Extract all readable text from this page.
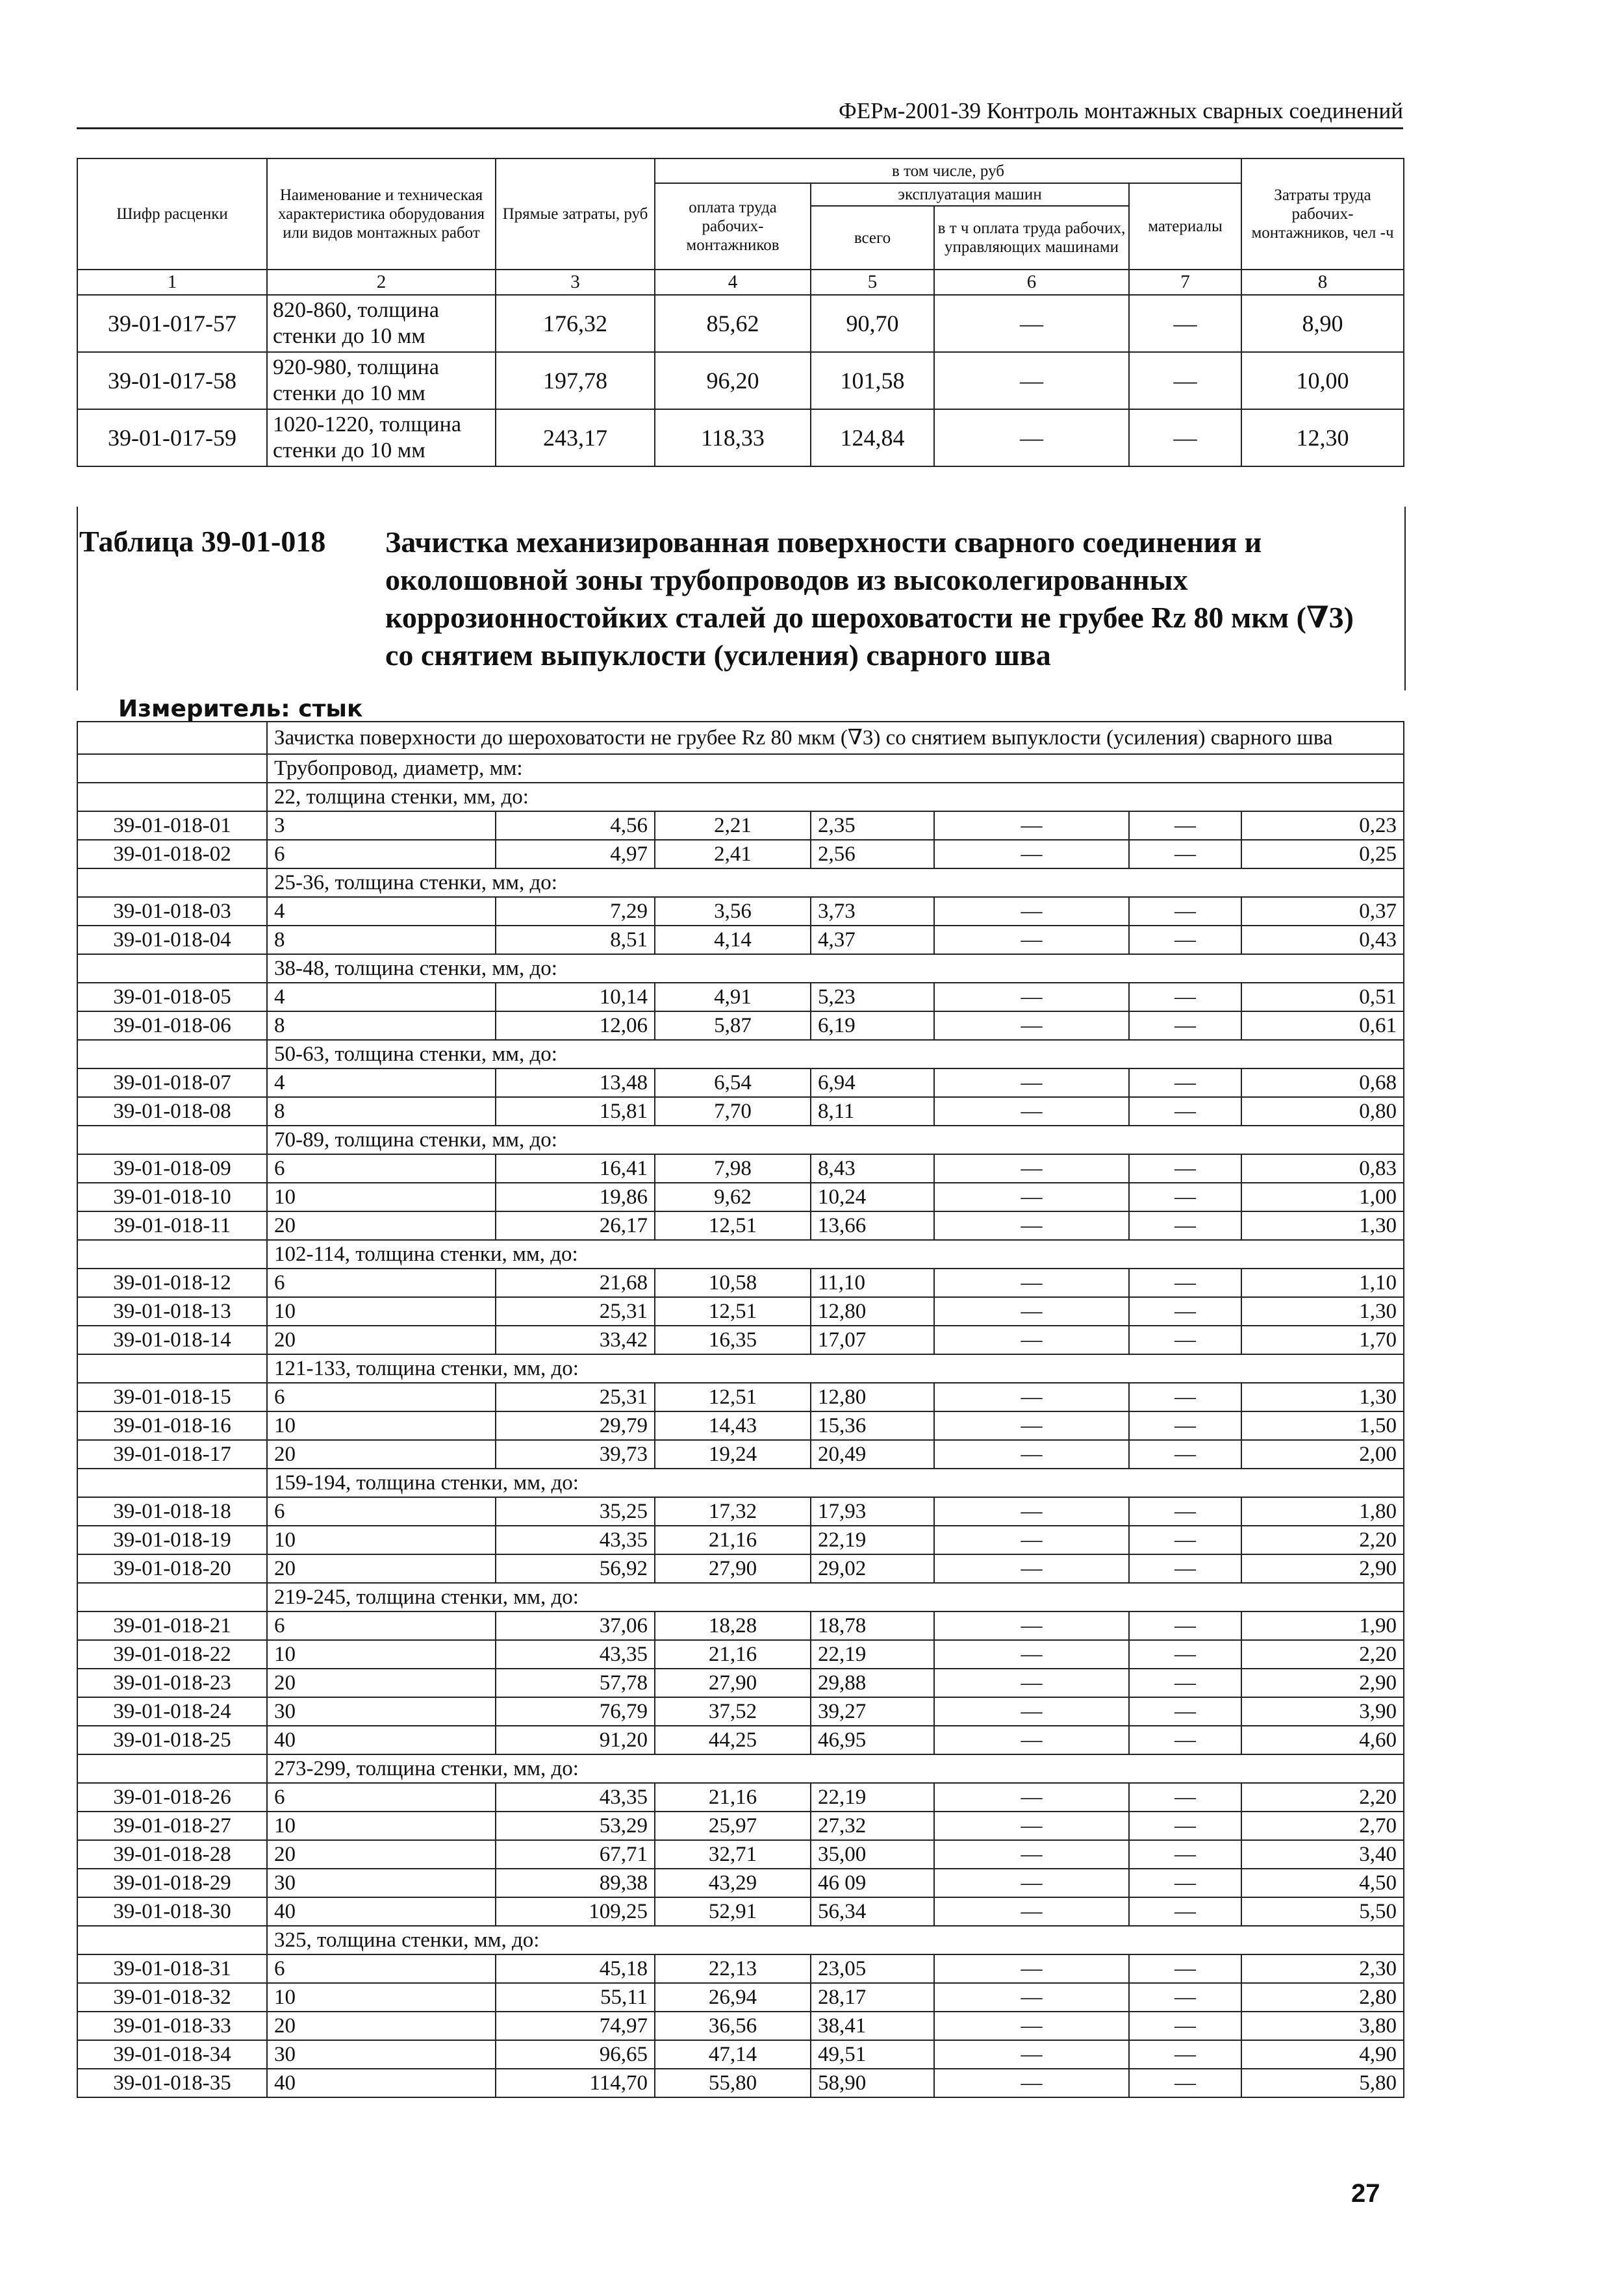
ФЕРм-2001-39 Контроль монтажных сварных соединений
Шифр расценки	Наименование и техническая характеристика оборудования или видов монтажных работ	Прямые затраты, руб	в том числе, руб				Затраты труда рабочих-монтажников, чел -ч
			оплата труда рабочих-монтажников	эксплуатация машин		материалы	
				всего	в т ч оплата труда рабочих, управляющих машинами		
1	2	3	4	5	6	7	8
39-01-017-57	820-860, толщина стенки до 10 мм	176,32	85,62	90,70	—	—	8,90
39-01-017-58	920-980, толщина стенки до 10 мм	197,78	96,20	101,58	—	—	10,00
39-01-017-59	1020-1220, толщина стенки до 10 мм	243,17	118,33	124,84	—	—	12,30
Таблица 39-01-018 Зачистка механизированная поверхности сварного соединения и околошовной зоны трубопроводов из высоколегированных коррозионностойких сталей до шероховатости не грубее Rz 80 мкм (∇3) со снятием выпуклости (усиления) сварного шва
Измеритель: стык
	Зачистка поверхности до шероховатости не грубее Rz 80 мкм (∇3) со снятием выпуклости (усиления) сварного шва						
	Трубопровод, диаметр, мм:						
	22, толщина стенки, мм, до:						
39-01-018-01	3	4,56	2,21	2,35	—	—	0,23
39-01-018-02	6	4,97	2,41	2,56	—	—	0,25
	25-36, толщина стенки, мм, до:						
39-01-018-03	4	7,29	3,56	3,73	—	—	0,37
39-01-018-04	8	8,51	4,14	4,37	—	—	0,43
	38-48, толщина стенки, мм, до:						
39-01-018-05	4	10,14	4,91	5,23	—	—	0,51
39-01-018-06	8	12,06	5,87	6,19	—	—	0,61
	50-63, толщина стенки, мм, до:						
39-01-018-07	4	13,48	6,54	6,94	—	—	0,68
39-01-018-08	8	15,81	7,70	8,11	—	—	0,80
	70-89, толщина стенки, мм, до:						
39-01-018-09	6	16,41	7,98	8,43	—	—	0,83
39-01-018-10	10	19,86	9,62	10,24	—	—	1,00
39-01-018-11	20	26,17	12,51	13,66	—	—	1,30
	102-114, толщина стенки, мм, до:						
39-01-018-12	6	21,68	10,58	11,10	—	—	1,10
39-01-018-13	10	25,31	12,51	12,80	—	—	1,30
39-01-018-14	20	33,42	16,35	17,07	—	—	1,70
	121-133, толщина стенки, мм, до:						
39-01-018-15	6	25,31	12,51	12,80	—	—	1,30
39-01-018-16	10	29,79	14,43	15,36	—	—	1,50
39-01-018-17	20	39,73	19,24	20,49	—	—	2,00
	159-194, толщина стенки, мм, до:						
39-01-018-18	6	35,25	17,32	17,93	—	—	1,80
39-01-018-19	10	43,35	21,16	22,19	—	—	2,20
39-01-018-20	20	56,92	27,90	29,02	—	—	2,90
	219-245, толщина стенки, мм, до:						
39-01-018-21	6	37,06	18,28	18,78	—	—	1,90
39-01-018-22	10	43,35	21,16	22,19	—	—	2,20
39-01-018-23	20	57,78	27,90	29,88	—	—	2,90
39-01-018-24	30	76,79	37,52	39,27	—	—	3,90
39-01-018-25	40	91,20	44,25	46,95	—	—	4,60
	273-299, толщина стенки, мм, до:						
39-01-018-26	6	43,35	21,16	22,19	—	—	2,20
39-01-018-27	10	53,29	25,97	27,32	—	—	2,70
39-01-018-28	20	67,71	32,71	35,00	—	—	3,40
39-01-018-29	30	89,38	43,29	46 09	—	—	4,50
39-01-018-30	40	109,25	52,91	56,34	—	—	5,50
	325, толщина стенки, мм, до:						
39-01-018-31	6	45,18	22,13	23,05	—	—	2,30
39-01-018-32	10	55,11	26,94	28,17	—	—	2,80
39-01-018-33	20	74,97	36,56	38,41	—	—	3,80
39-01-018-34	30	96,65	47,14	49,51	—	—	4,90
39-01-018-35	40	114,70	55,80	58,90	—	—	5,80
27
